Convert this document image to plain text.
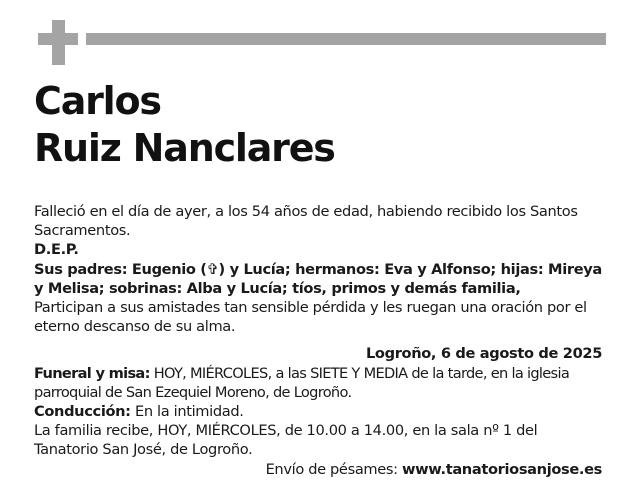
Carlos
Ruiz Nanclares

Falleció en el día de ayer, a los 54 años de edad, habiendo recibido los Santos Sacramentos.

D.E.P.

Sus padres: Eugenio (✞) y Lucía; hermanos: Eva y Alfonso; hijas: Mireya y Melisa; sobrinas: Alba y Lucía; tíos, primos y demás familia,

Participan a sus amistades tan sensible pérdida y les ruegan una oración por el eterno descanso de su alma.

Logroño, 6 de agosto de 2025

Funeral y misa: HOY, MIÉRCOLES, a las SIETE Y MEDIA de la tarde, en la iglesia parroquial de San Ezequiel Moreno, de Logroño.

Conducción: En la intimidad.

La familia recibe, HOY, MIÉRCOLES, de 10.00 a 14.00, en la sala nº 1 del Tanatorio San José, de Logroño.

Envío de pésames: www.tanatoriosanjose.es
